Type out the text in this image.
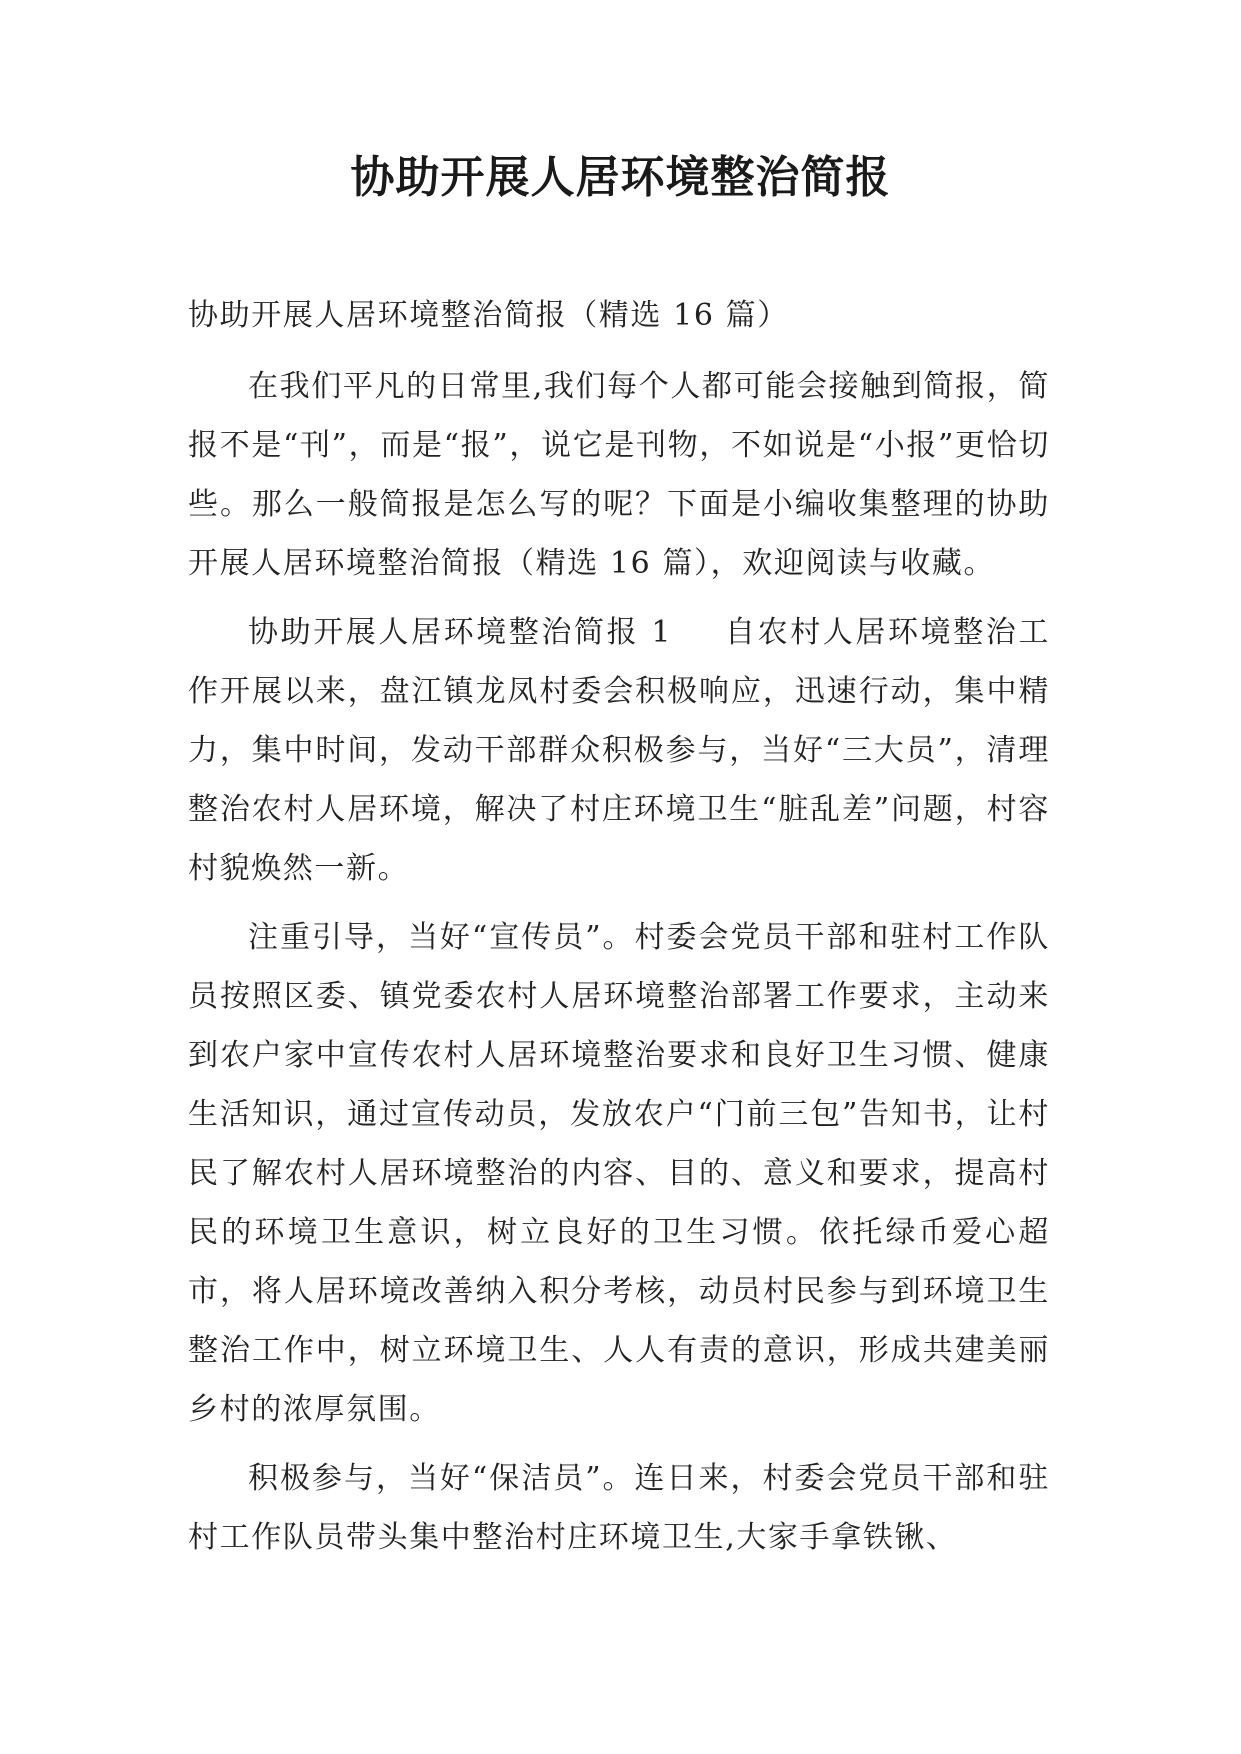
协助开展人居环境整治简报

协助开展人居环境整治简报（精选 16 篇）

在我们平凡的日常里,我们每个人都可能会接触到简报，简报不是“刊”，而是“报”，说它是刊物，不如说是“小报”更恰切些。那么一般简报是怎么写的呢？下面是小编收集整理的协助开展人居环境整治简报（精选 16 篇），欢迎阅读与收藏。

协助开展人居环境整治简报 1 自农村人居环境整治工作开展以来，盘江镇龙凤村委会积极响应，迅速行动，集中精力，集中时间，发动干部群众积极参与，当好“三大员”，清理整治农村人居环境，解决了村庄环境卫生“脏乱差”问题，村容村貌焕然一新。

注重引导，当好“宣传员”。村委会党员干部和驻村工作队员按照区委、镇党委农村人居环境整治部署工作要求，主动来到农户家中宣传农村人居环境整治要求和良好卫生习惯、健康生活知识，通过宣传动员，发放农户“门前三包”告知书，让村民了解农村人居环境整治的内容、目的、意义和要求，提高村民的环境卫生意识，树立良好的卫生习惯。依托绿币爱心超市，将人居环境改善纳入积分考核，动员村民参与到环境卫生整治工作中，树立环境卫生、人人有责的意识，形成共建美丽乡村的浓厚氛围。

积极参与，当好“保洁员”。连日来，村委会党员干部和驻村工作队员带头集中整治村庄环境卫生,大家手拿铁锹、
